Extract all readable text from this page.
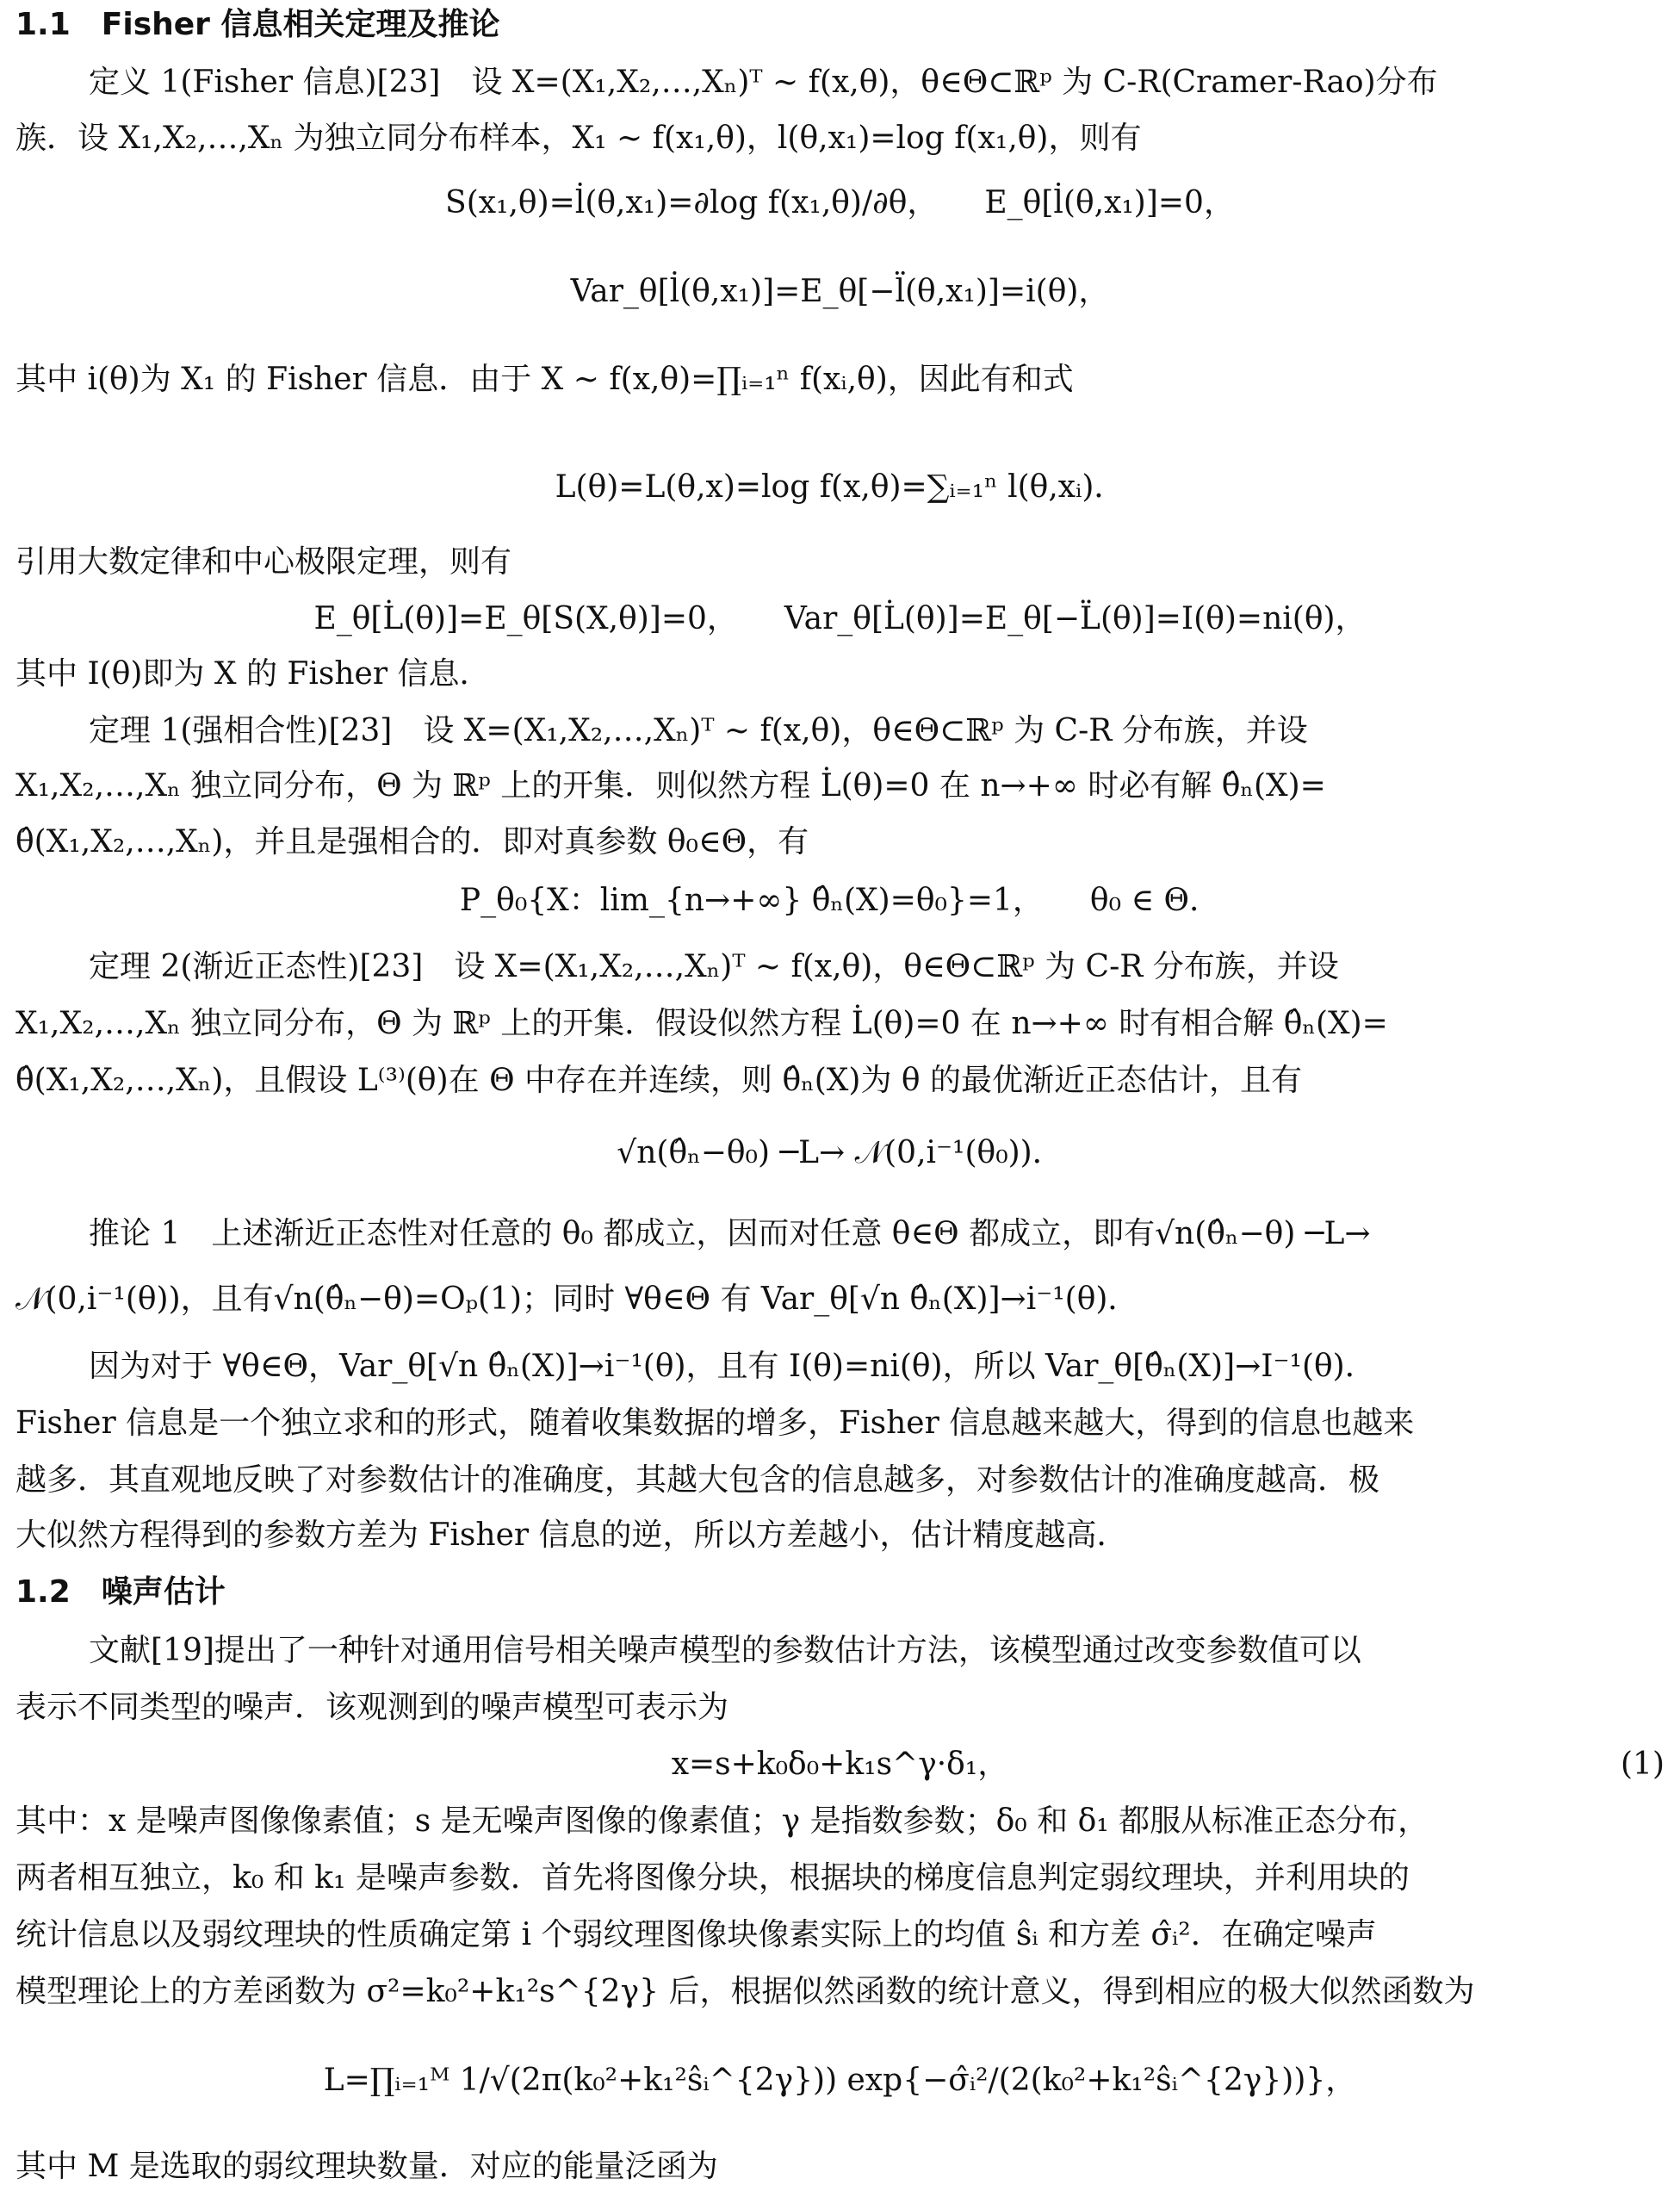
1.1　Fisher 信息相关定理及推论
定义 1(Fisher 信息)[23]　设 X=(X₁,X₂,…,Xₙ)ᵀ ~ f(x,θ)，θ∈Θ⊂ℝᵖ 为 C-R(Cramer-Rao)分布
族．设 X₁,X₂,…,Xₙ 为独立同分布样本，X₁ ~ f(x₁,θ)，l(θ,x₁)=log f(x₁,θ)，则有
S(x₁,θ)=l̇(θ,x₁)=∂log f(x₁,θ)/∂θ，　　E_θ[l̇(θ,x₁)]=0，
Var_θ[l̇(θ,x₁)]=E_θ[−l̈(θ,x₁)]=i(θ)，
其中 i(θ)为 X₁ 的 Fisher 信息．由于 X ~ f(x,θ)=∏ᵢ₌₁ⁿ f(xᵢ,θ)，因此有和式
L(θ)=L(θ,x)=log f(x,θ)=∑ᵢ₌₁ⁿ l(θ,xᵢ)．
引用大数定律和中心极限定理，则有
E_θ[L̇(θ)]=E_θ[S(X,θ)]=0，　　Var_θ[L̇(θ)]=E_θ[−L̈(θ)]=I(θ)=ni(θ)，
其中 I(θ)即为 X 的 Fisher 信息．
定理 1(强相合性)[23]　设 X=(X₁,X₂,…,Xₙ)ᵀ ~ f(x,θ)，θ∈Θ⊂ℝᵖ 为 C-R 分布族，并设
X₁,X₂,…,Xₙ 独立同分布，Θ 为 ℝᵖ 上的开集．则似然方程 L̇(θ)=0 在 n→+∞ 时必有解 θ̂ₙ(X)=
θ̂(X₁,X₂,…,Xₙ)，并且是强相合的．即对真参数 θ₀∈Θ，有
P_θ₀{X：lim_{n→+∞} θ̂ₙ(X)=θ₀}=1，　　θ₀ ∈ Θ．
定理 2(渐近正态性)[23]　设 X=(X₁,X₂,…,Xₙ)ᵀ ~ f(x,θ)，θ∈Θ⊂ℝᵖ 为 C-R 分布族，并设
X₁,X₂,…,Xₙ 独立同分布，Θ 为 ℝᵖ 上的开集．假设似然方程 L̇(θ)=0 在 n→+∞ 时有相合解 θ̂ₙ(X)=
θ̂(X₁,X₂,…,Xₙ)，且假设 L⁽³⁾(θ)在 Θ 中存在并连续，则 θ̂ₙ(X)为 θ 的最优渐近正态估计，且有
√n(θ̂ₙ−θ₀) ─L→ 𝒩(0,i⁻¹(θ₀))．
推论 1　上述渐近正态性对任意的 θ₀ 都成立，因而对任意 θ∈Θ 都成立，即有√n(θ̂ₙ−θ) ─L→
𝒩(0,i⁻¹(θ))，且有√n(θ̂ₙ−θ)=Oₚ(1)；同时 ∀θ∈Θ 有 Var_θ[√n θ̂ₙ(X)]→i⁻¹(θ)．
因为对于 ∀θ∈Θ，Var_θ[√n θ̂ₙ(X)]→i⁻¹(θ)，且有 I(θ)=ni(θ)，所以 Var_θ[θ̂ₙ(X)]→I⁻¹(θ)．
Fisher 信息是一个独立求和的形式，随着收集数据的增多，Fisher 信息越来越大，得到的信息也越来
越多．其直观地反映了对参数估计的准确度，其越大包含的信息越多，对参数估计的准确度越高．极
大似然方程得到的参数方差为 Fisher 信息的逆，所以方差越小，估计精度越高．
1.2　噪声估计
文献[19]提出了一种针对通用信号相关噪声模型的参数估计方法，该模型通过改变参数值可以
表示不同类型的噪声．该观测到的噪声模型可表示为
x=s+k₀δ₀+k₁s^γ·δ₁，	(1)
其中：x 是噪声图像像素值；s 是无噪声图像的像素值；γ 是指数参数；δ₀ 和 δ₁ 都服从标准正态分布，
两者相互独立，k₀ 和 k₁ 是噪声参数．首先将图像分块，根据块的梯度信息判定弱纹理块，并利用块的
统计信息以及弱纹理块的性质确定第 i 个弱纹理图像块像素实际上的均值 ŝᵢ 和方差 σ̂ᵢ²．在确定噪声
模型理论上的方差函数为 σ²=k₀²+k₁²s^{2γ} 后，根据似然函数的统计意义，得到相应的极大似然函数为
L=∏ᵢ₌₁ᴹ 1/√(2π(k₀²+k₁²ŝᵢ^{2γ})) exp{−σ̂ᵢ²/(2(k₀²+k₁²ŝᵢ^{2γ}))}，
其中 M 是选取的弱纹理块数量．对应的能量泛函为
